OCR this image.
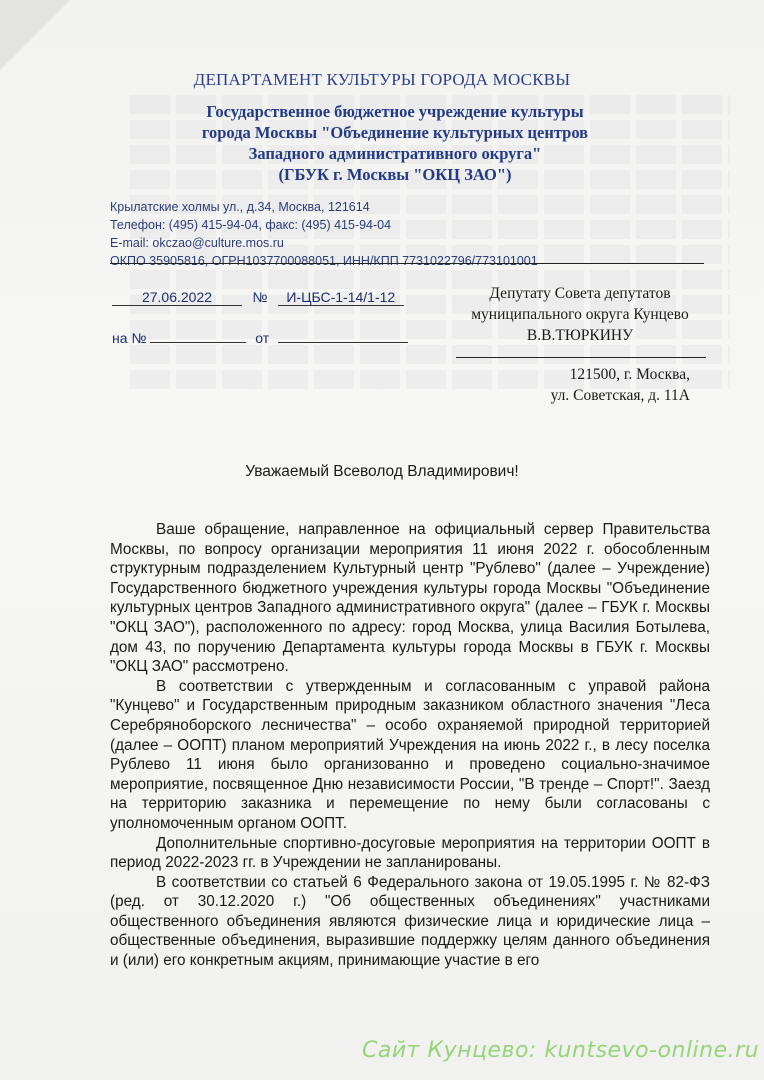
ДЕПАРТАМЕНТ КУЛЬТУРЫ ГОРОДА МОСКВЫ
Государственное бюджетное учреждение культуры
города Москвы "Объединение культурных центров
Западного административного округа"
(ГБУК г. Москвы "ОКЦ ЗАО")
Крылатские холмы ул., д.34, Москва, 121614
Телефон: (495) 415-94-04, факс: (495) 415-94-04
E-mail: okczao@culture.mos.ru
ОКПО 35905816, ОГРН1037700088051, ИНН/КПП 7731022796/773101001
27.06.2022	№ И-ЦБС-1-14/1-12
на №	от
Депутату Совета депутатов
муниципального округа Кунцево
В.В.ТЮРКИНУ
121500, г. Москва,
ул. Советская, д. 11А
Уважаемый Всеволод Владимирович!

Ваше обращение, направленное на официальный сервер Правительства Москвы, по вопросу организации мероприятия 11 июня 2022 г. обособленным структурным подразделением Культурный центр "Рублево" (далее – Учреждение) Государственного бюджетного учреждения культуры города Москвы "Объединение культурных центров Западного административного округа" (далее – ГБУК г. Москвы "ОКЦ ЗАО"), расположенного по адресу: город Москва, улица Василия Ботылева, дом 43, по поручению Департамента культуры города Москвы в ГБУК г. Москвы "ОКЦ ЗАО" рассмотрено.

В соответствии с утвержденным и согласованным с управой района "Кунцево" и Государственным природным заказником областного значения "Леса Серебряноборского лесничества" – особо охраняемой природной территорией (далее – ООПТ) планом мероприятий Учреждения на июнь 2022 г., в лесу поселка Рублево 11 июня было организованно и проведено социально-значимое мероприятие, посвященное Дню независимости России, "В тренде – Спорт!". Заезд на территорию заказника и перемещение по нему были согласованы с уполномоченным органом ООПТ.

Дополнительные спортивно-досуговые мероприятия на территории ООПТ в период 2022-2023 гг. в Учреждении не запланированы.

В соответствии со статьей 6 Федерального закона от 19.05.1995 г. № 82-ФЗ (ред. от 30.12.2020 г.) "Об общественных объединениях" участниками общественного объединения являются физические лица и юридические лица – общественные объединения, выразившие поддержку целям данного объединения и (или) его конкретным акциям, принимающие участие в его

Сайт Кунцево: kuntsevo-online.ru
